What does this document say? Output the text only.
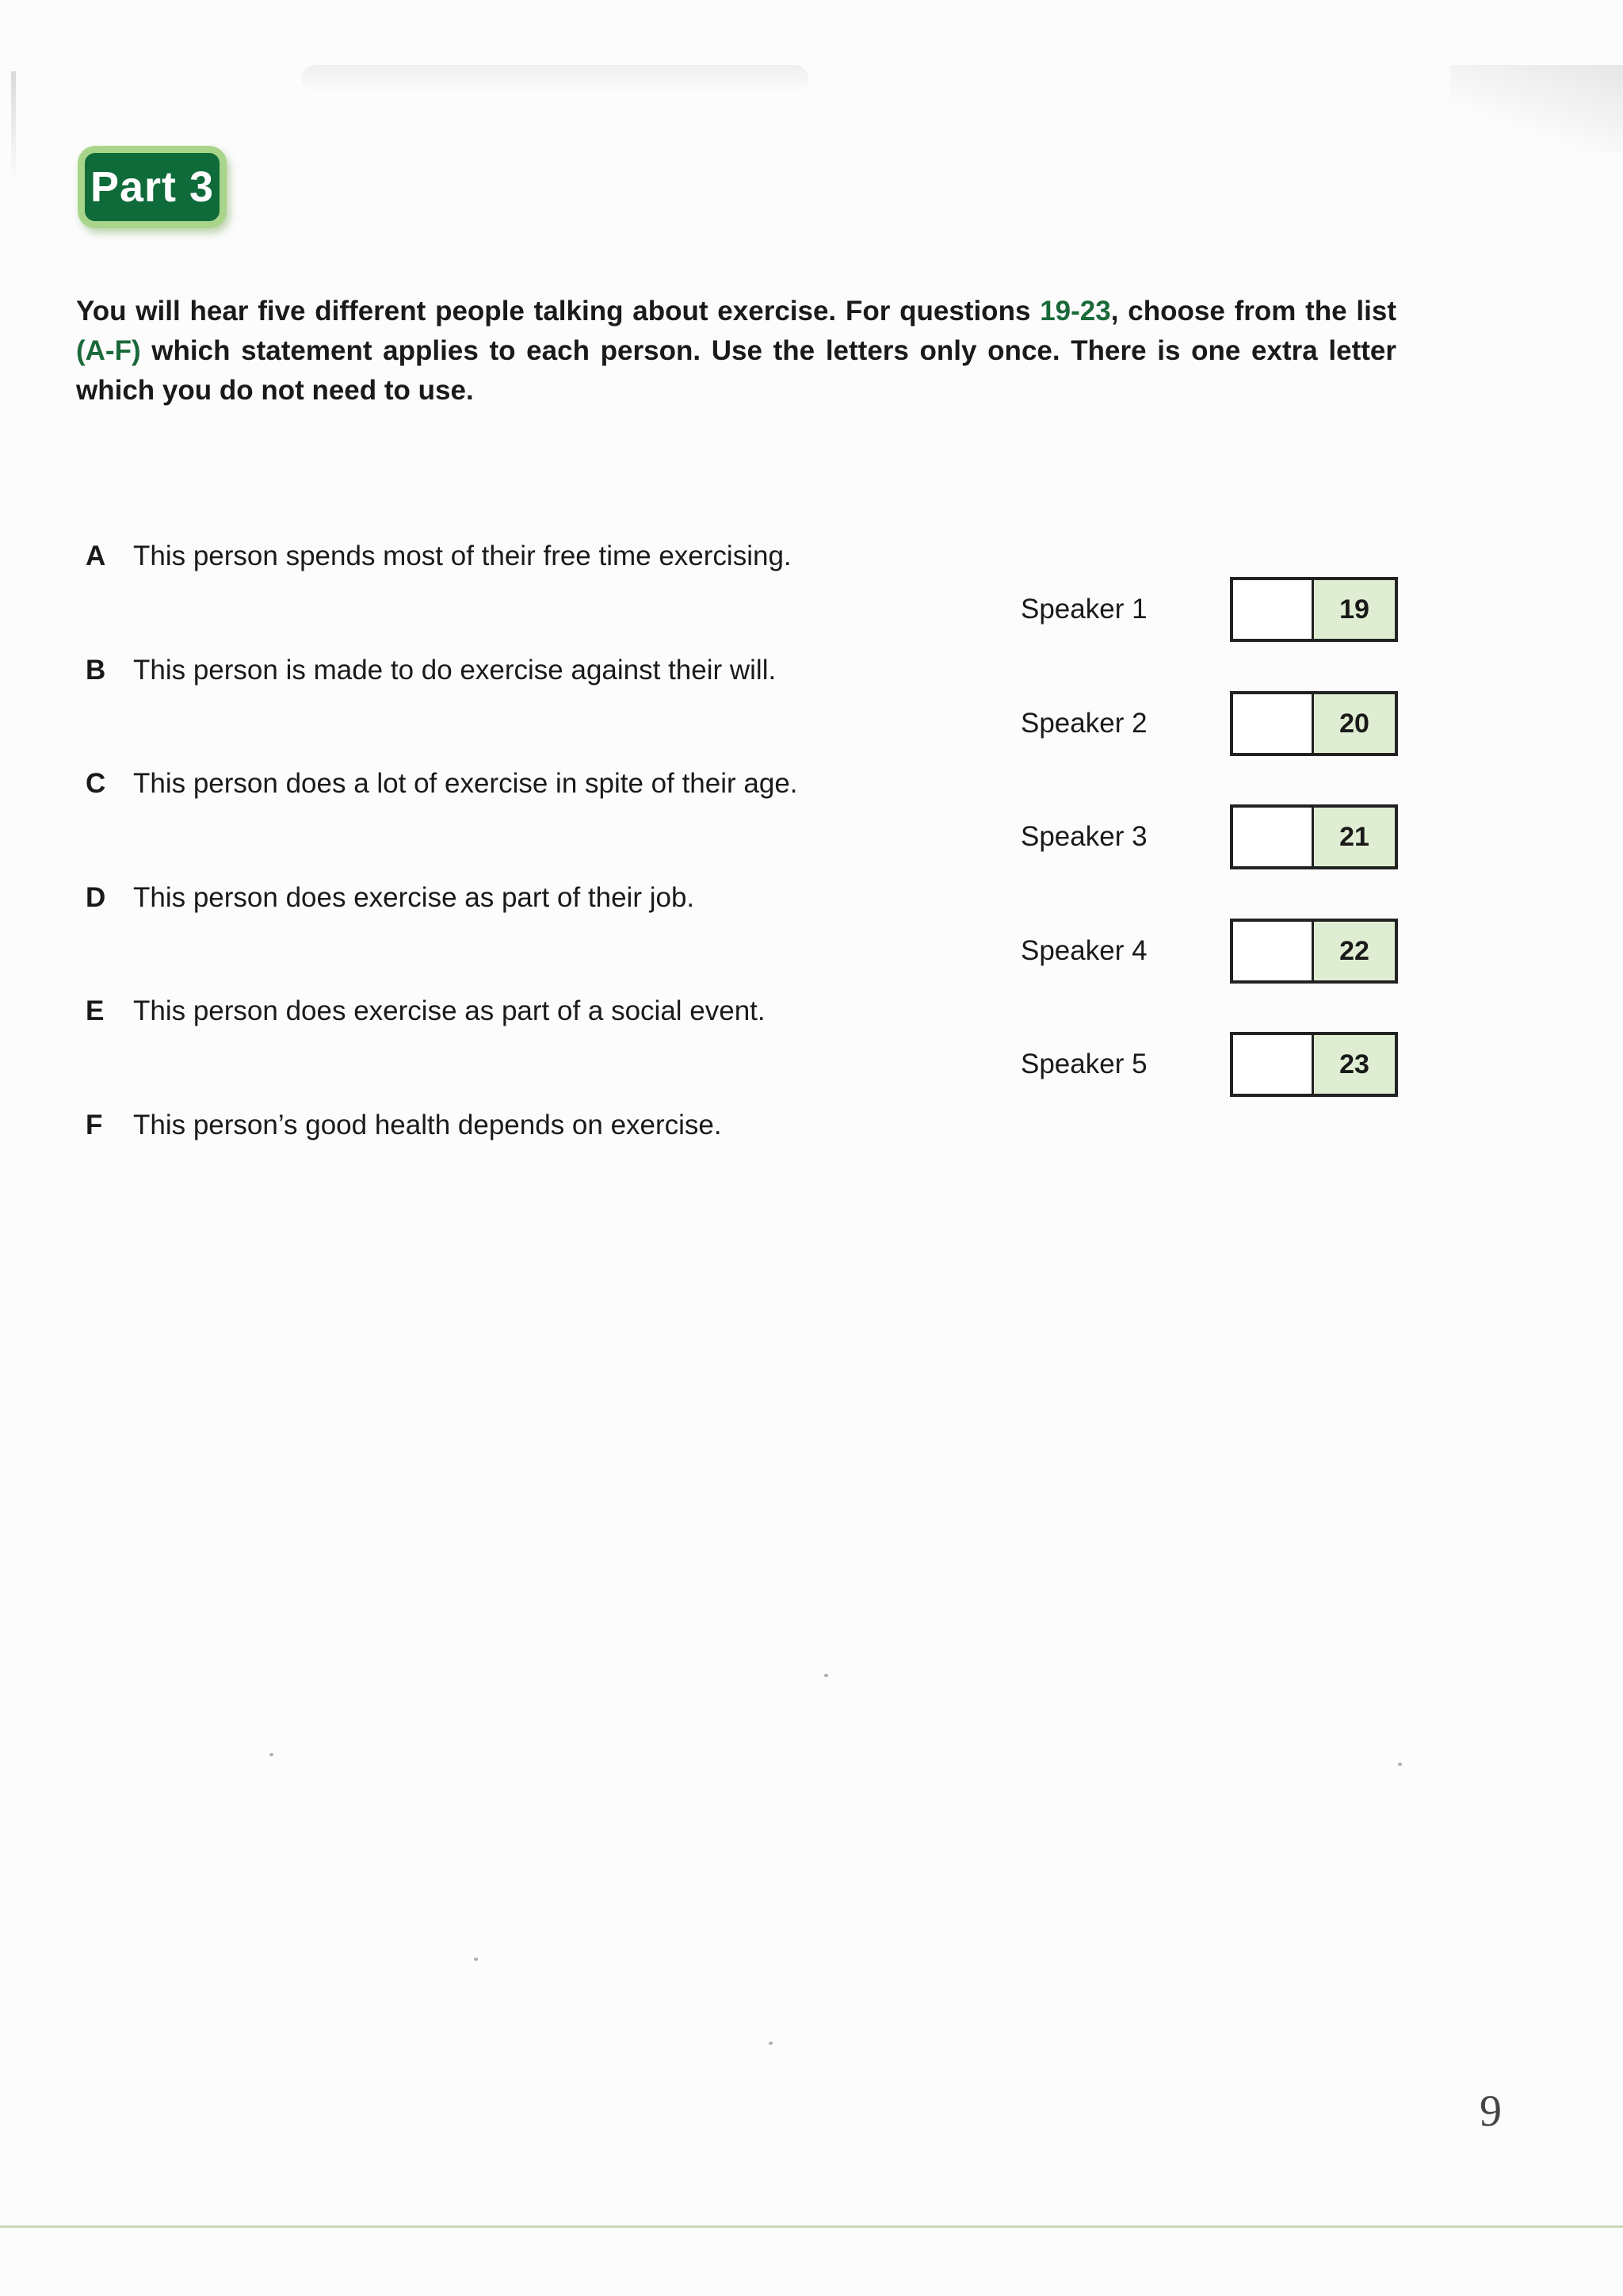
Part 3
You will hear five different people talking about exercise. For questions 19-23, choose from the list (A-F) which statement applies to each person. Use the letters only once. There is one extra letter which you do not need to use.
A This person spends most of their free time exercising.
B This person is made to do exercise against their will.
C This person does a lot of exercise in spite of their age.
D This person does exercise as part of their job.
E	This person does exercise as part of a social event.
F	This person’s good health depends on exercise.
Speaker 1	19
Speaker 2	20
Speaker 3	21
Speaker 4	22
Speaker 5	23
9
